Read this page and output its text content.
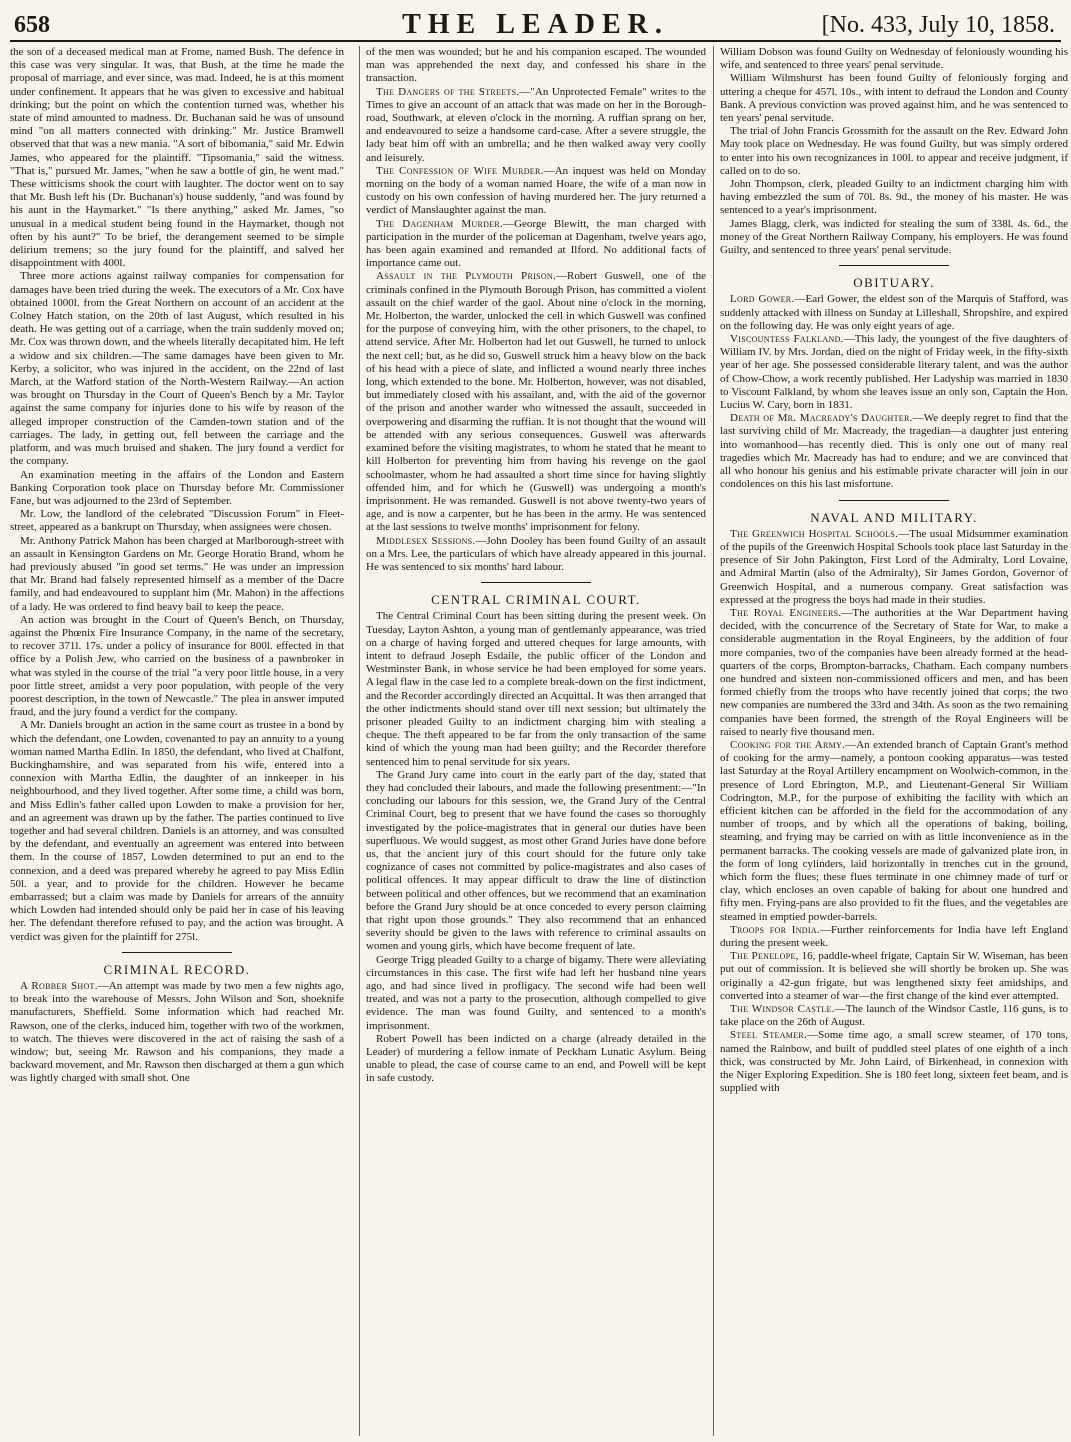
658	THE LEADER.	[No. 433, July 10, 1858.

the son of a deceased medical man at Frome, named Bush. The defence in this case was very singular. It was, that Bush, at the time he made the proposal of marriage, and ever since, was mad. Indeed, he is at this moment under confinement. It appears that he was given to excessive and habitual drinking; but the point on which the contention turned was, whether his state of mind amounted to madness. Dr. Buchanan said he was of unsound mind "on all matters connected with drinking." Mr. Justice Bramwell observed that that was a new mania. "A sort of bibomania," said Mr. Edwin James, who appeared for the plaintiff. "Tipsomania," said the witness. "That is," pursued Mr. James, "when he saw a bottle of gin, he went mad." These witticisms shook the court with laughter. The doctor went on to say that Mr. Bush left his (Dr. Buchanan's) house suddenly, "and was found by his aunt in the Haymarket." "Is there anything," asked Mr. James, "so unusual in a medical student being found in the Haymarket, though not often by his aunt?" To be brief, the derangement seemed to be simple delirium tremens; so the jury found for the plaintiff, and salved her disappointment with 400l.

Three more actions against railway companies for compensation for damages have been tried during the week. The executors of a Mr. Cox have obtained 1000l. from the Great Northern on account of an accident at the Colney Hatch station, on the 20th of last August, which resulted in his death. He was getting out of a carriage, when the train suddenly moved on; Mr. Cox was thrown down, and the wheels literally decapitated him. He left a widow and six children.—The same damages have been given to Mr. Kerby, a solicitor, who was injured in the accident, on the 22nd of last March, at the Watford station of the North-Western Railway.—An action was brought on Thursday in the Court of Queen's Bench by a Mr. Taylor against the same company for injuries done to his wife by reason of the alleged improper construction of the Camden-town station and of the carriages. The lady, in getting out, fell between the carriage and the platform, and was much bruised and shaken. The jury found a verdict for the company.

An examination meeting in the affairs of the London and Eastern Banking Corporation took place on Thursday before Mr. Commissioner Fane, but was adjourned to the 23rd of September.

Mr. Low, the landlord of the celebrated "Discussion Forum" in Fleet-street, appeared as a bankrupt on Thursday, when assignees were chosen.

Mr. Anthony Patrick Mahon has been charged at Marlborough-street with an assault in Kensington Gardens on Mr. George Horatio Brand, whom he had previously abused "in good set terms." He was under an impression that Mr. Brand had falsely represented himself as a member of the Dacre family, and had endeavoured to supplant him (Mr. Mahon) in the affections of a lady. He was ordered to find heavy bail to keep the peace.

An action was brought in the Court of Queen's Bench, on Thursday, against the Phœnix Fire Insurance Company, in the name of the secretary, to recover 371l. 17s. under a policy of insurance for 800l. effected in that office by a Polish Jew, who carried on the business of a pawnbroker in what was styled in the course of the trial "a very poor little house, in a very poor little street, amidst a very poor population, with people of the very poorest description, in the town of Newcastle." The plea in answer imputed fraud, and the jury found a verdict for the company.

A Mr. Daniels brought an action in the same court as trustee in a bond by which the defendant, one Lowden, covenanted to pay an annuity to a young woman named Martha Edlin. In 1850, the defendant, who lived at Chalfont, Buckinghamshire, and was separated from his wife, entered into a connexion with Martha Edlin, the daughter of an innkeeper in his neighbourhood, and they lived together. After some time, a child was born, and Miss Edlin's father called upon Lowden to make a provision for her, and an agreement was drawn up by the father. The parties continued to live together and had several children. Daniels is an attorney, and was consulted by the defendant, and eventually an agreement was entered into between them. In the course of 1857, Lowden determined to put an end to the connexion, and a deed was prepared whereby he agreed to pay Miss Edlin 50l. a year, and to provide for the children. However he became embarrassed; but a claim was made by Daniels for arrears of the annuity which Lowden had intended should only be paid her in case of his leaving her. The defendant therefore refused to pay, and the action was brought. A verdict was given for the plaintiff for 275l.

CRIMINAL RECORD.

A Robber Shot.—An attempt was made by two men a few nights ago, to break into the warehouse of Messrs. John Wilson and Son, shoeknife manufacturers, Sheffield. Some information which had reached Mr. Rawson, one of the clerks, induced him, together with two of the workmen, to watch. The thieves were discovered in the act of raising the sash of a window; but, seeing Mr. Rawson and his companions, they made a backward movement, and Mr. Rawson then discharged at them a gun which was lightly charged with small shot. One

of the men was wounded; but he and his companion escaped. The wounded man was apprehended the next day, and confessed his share in the transaction.

The Dangers of the Streets.—"An Unprotected Female" writes to the Times to give an account of an attack that was made on her in the Borough-road, Southwark, at eleven o'clock in the morning. A ruffian sprang on her, and endeavoured to seize a handsome card-case. After a severe struggle, the lady beat him off with an umbrella; and he then walked away very coolly and leisurely.

The Confession of Wife Murder.—An inquest was held on Monday morning on the body of a woman named Hoare, the wife of a man now in custody on his own confession of having murdered her. The jury returned a verdict of Manslaughter against the man.

The Dagenham Murder.—George Blewitt, the man charged with participation in the murder of the policeman at Dagenham, twelve years ago, has been again examined and remanded at Ilford. No additional facts of importance came out.

Assault in the Plymouth Prison.—Robert Guswell, one of the criminals confined in the Plymouth Borough Prison, has committed a violent assault on the chief warder of the gaol. About nine o'clock in the morning, Mr. Holberton, the warder, unlocked the cell in which Guswell was confined for the purpose of conveying him, with the other prisoners, to the chapel, to attend service. After Mr. Holberton had let out Guswell, he turned to unlock the next cell; but, as he did so, Guswell struck him a heavy blow on the back of his head with a piece of slate, and inflicted a wound nearly three inches long, which extended to the bone. Mr. Holberton, however, was not disabled, but immediately closed with his assailant, and, with the aid of the governor of the prison and another warder who witnessed the assault, succeeded in overpowering and disarming the ruffian. It is not thought that the wound will be attended with any serious consequences. Guswell was afterwards examined before the visiting magistrates, to whom he stated that he meant to kill Holberton for preventing him from having his revenge on the gaol schoolmaster, whom he had assaulted a short time since for having slightly offended him, and for which he (Guswell) was undergoing a month's imprisonment. He was remanded. Guswell is not above twenty-two years of age, and is now a carpenter, but he has been in the army. He was sentenced at the last sessions to twelve months' imprisonment for felony.

Middlesex Sessions.—John Dooley has been found Guilty of an assault on a Mrs. Lee, the particulars of which have already appeared in this journal. He was sentenced to six months' hard labour.

CENTRAL CRIMINAL COURT.

The Central Criminal Court has been sitting during the present week. On Tuesday, Layton Ashton, a young man of gentlemanly appearance, was tried on a charge of having forged and uttered cheques for large amounts, with intent to defraud Joseph Esdaile, the public officer of the London and Westminster Bank, in whose service he had been employed for some years. A legal flaw in the case led to a complete break-down on the first indictment, and the Recorder accordingly directed an Acquittal. It was then arranged that the other indictments should stand over till next session; but ultimately the prisoner pleaded Guilty to an indictment charging him with stealing a cheque. The theft appeared to be far from the only transaction of the same kind of which the young man had been guilty; and the Recorder therefore sentenced him to penal servitude for six years.

The Grand Jury came into court in the early part of the day, stated that they had concluded their labours, and made the following presentment:—"In concluding our labours for this session, we, the Grand Jury of the Central Criminal Court, beg to present that we have found the cases so thoroughly investigated by the police-magistrates that in general our duties have been superfluous. We would suggest, as most other Grand Juries have done before us, that the ancient jury of this court should for the future only take cognizance of cases not committed by police-magistrates and also cases of political offences. It may appear difficult to draw the line of distinction between political and other offences, but we recommend that an examination before the Grand Jury should be at once conceded to every person claiming that right upon those grounds." They also recommend that an enhanced severity should be given to the laws with reference to criminal assaults on women and young girls, which have become frequent of late.

George Trigg pleaded Guilty to a charge of bigamy. There were alleviating circumstances in this case. The first wife had left her husband nine years ago, and had since lived in profligacy. The second wife had been well treated, and was not a party to the prosecution, although compelled to give evidence. The man was found Guilty, and sentenced to a month's imprisonment.

Robert Powell has been indicted on a charge (already detailed in the Leader) of murdering a fellow inmate of Peckham Lunatic Asylum. Being unable to plead, the case of course came to an end, and Powell will be kept in safe custody.

William Dobson was found Guilty on Wednesday of feloniously wounding his wife, and sentenced to three years' penal servitude.

William Wilmshurst has been found Guilty of feloniously forging and uttering a cheque for 457l. 10s., with intent to defraud the London and County Bank. A previous conviction was proved against him, and he was sentenced to ten years' penal servitude.

The trial of John Francis Grossmith for the assault on the Rev. Edward John May took place on Wednesday. He was found Guilty, but was simply ordered to enter into his own recognizances in 100l. to appear and receive judgment, if called on to do so.

John Thompson, clerk, pleaded Guilty to an indictment charging him with having embezzled the sum of 70l. 8s. 9d., the money of his master. He was sentenced to a year's imprisonment.

James Blagg, clerk, was indicted for stealing the sum of 338l. 4s. 6d., the money of the Great Northern Railway Company, his employers. He was found Guilty, and sentenced to three years' penal servitude.

OBITUARY.

Lord Gower.—Earl Gower, the eldest son of the Marquis of Stafford, was suddenly attacked with illness on Sunday at Lilleshall, Shropshire, and expired on the following day. He was only eight years of age.

Viscountess Falkland.—This lady, the youngest of the five daughters of William IV. by Mrs. Jordan, died on the night of Friday week, in the fifty-sixth year of her age. She possessed considerable literary talent, and was the author of Chow-Chow, a work recently published. Her Ladyship was married in 1830 to Viscount Falkland, by whom she leaves issue an only son, Captain the Hon. Lucius W. Cary, born in 1831.

Death of Mr. Macready's Daughter.—We deeply regret to find that the last surviving child of Mr. Macready, the tragedian—a daughter just entering into womanhood—has recently died. This is only one out of many real tragedies which Mr. Macready has had to endure; and we are convinced that all who honour his genius and his estimable private character will join in our condolences on this his last misfortune.

NAVAL AND MILITARY.

The Greenwich Hospital Schools.—The usual Midsummer examination of the pupils of the Greenwich Hospital Schools took place last Saturday in the presence of Sir John Pakington, First Lord of the Admiralty, Lord Lovaine, and Admiral Martin (also of the Admiralty), Sir James Gordon, Governor of Greenwich Hospital, and a numerous company. Great satisfaction was expressed at the progress the boys had made in their studies.

The Royal Engineers.—The authorities at the War Department having decided, with the concurrence of the Secretary of State for War, to make a considerable augmentation in the Royal Engineers, by the addition of four more companies, two of the companies have been already formed at the head-quarters of the corps, Brompton-barracks, Chatham. Each company numbers one hundred and sixteen non-commissioned officers and men, and has been formed chiefly from the troops who have recently joined that corps; the two new companies are numbered the 33rd and 34th. As soon as the two remaining companies have been formed, the strength of the Royal Engineers will be raised to nearly five thousand men.

Cooking for the Army.—An extended branch of Captain Grant's method of cooking for the army—namely, a pontoon cooking apparatus—was tested last Saturday at the Royal Artillery encampment on Woolwich-common, in the presence of Lord Ebrington, M.P., and Lieutenant-General Sir William Codrington, M.P., for the purpose of exhibiting the facility with which an efficient kitchen can be afforded in the field for the accommodation of any number of troops, and by which all the operations of baking, boiling, steaming, and frying may be carried on with as little inconvenience as in the permanent barracks. The cooking vessels are made of galvanized plate iron, in the form of long cylinders, laid horizontally in trenches cut in the ground, which form the flues; these flues terminate in one chimney made of turf or clay, which encloses an oven capable of baking for about one hundred and fifty men. Frying-pans are also provided to fit the flues, and the vegetables are steamed in emptied powder-barrels.

Troops for India.—Further reinforcements for India have left England during the present week.

The Penelope, 16, paddle-wheel frigate, Captain Sir W. Wiseman, has been put out of commission. It is believed she will shortly be broken up. She was originally a 42-gun frigate, but was lengthened sixty feet amidships, and converted into a steamer of war—the first change of the kind ever attempted.

The Windsor Castle.—The launch of the Windsor Castle, 116 guns, is to take place on the 26th of August.

Steel Steamer.—Some time ago, a small screw steamer, of 170 tons, named the Rainbow, and built of puddled steel plates of one eighth of a inch thick, was constructed by Mr. John Laird, of Birkenhead, in connexion with the Niger Exploring Expedition. She is 180 feet long, sixteen feet beam, and is supplied with
